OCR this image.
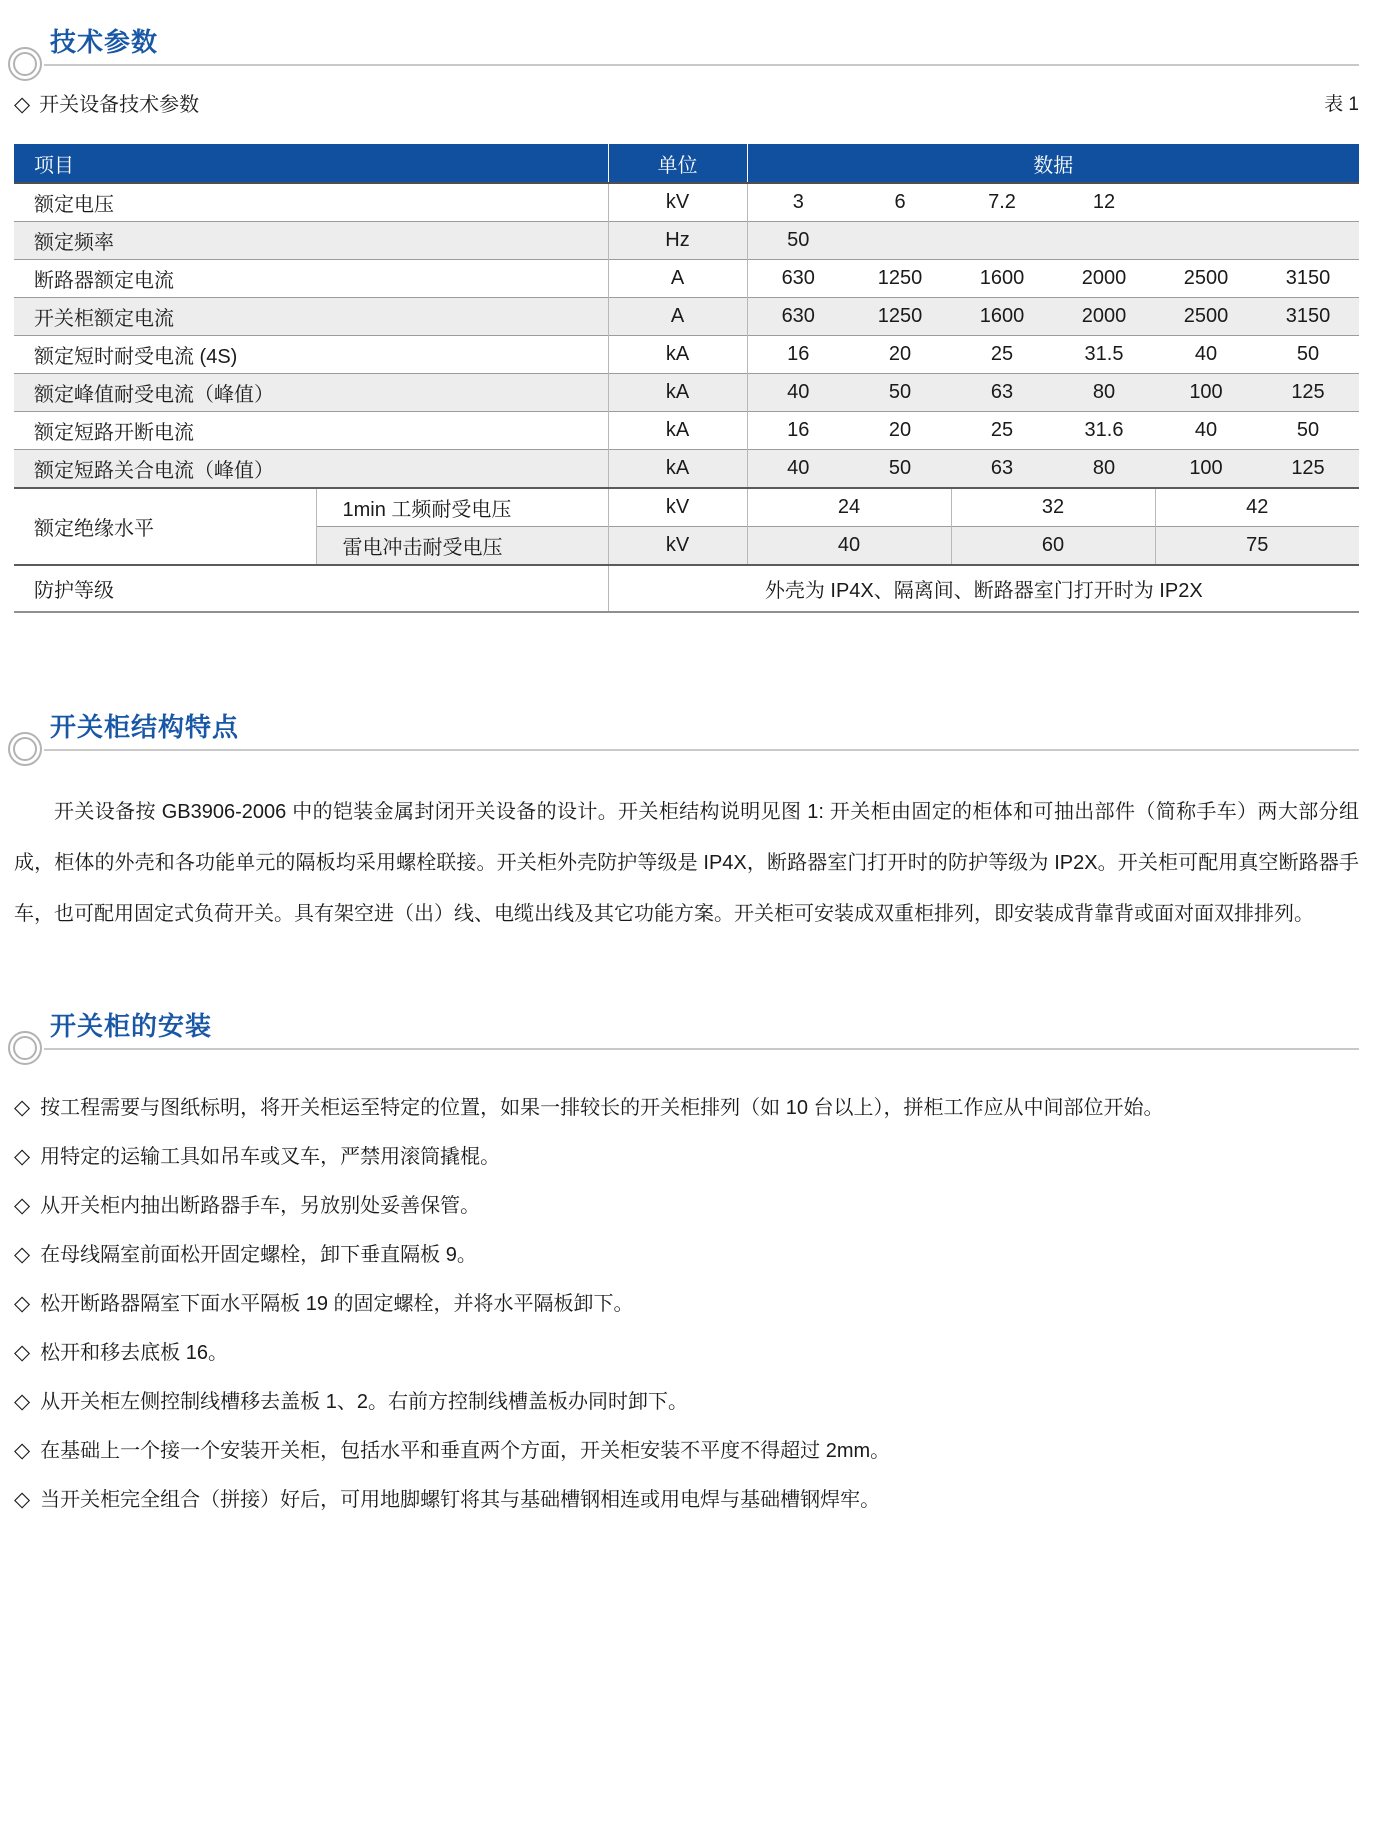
技术参数
◇ 开关设备技术参数	表 1
项目		单位	数据					
额定电压		kV	3	6	7.2	12		
额定频率		Hz	50					
断路器额定电流		A	630	1250	1600	2000	2500	3150
开关柜额定电流		A	630	1250	1600	2000	2500	3150
额定短时耐受电流 (4S)		kA	16	20	25	31.5	40	50
额定峰值耐受电流（峰值）		kA	40	50	63	80	100	125
额定短路开断电流		kA	16	20	25	31.6	40	50
额定短路关合电流（峰值）		kA	40	50	63	80	100	125
额定绝缘水平	1min 工频耐受电压	kV	24		32		42	
	雷电冲击耐受电压	kV	40		60		75	
防护等级		外壳为 IP4X、隔离间、断路器室门打开时为 IP2X						
开关柜结构特点

开关设备按 GB3906-2006 中的铠装金属封闭开关设备的设计。开关柜结构说明见图 1: 开关柜由固定的柜体和可抽出部件（简称手车）两大部分组成，柜体的外壳和各功能单元的隔板均采用螺栓联接。开关柜外壳防护等级是 IP4X，断路器室门打开时的防护等级为 IP2X。开关柜可配用真空断路器手车，也可配用固定式负荷开关。具有架空进（出）线、电缆出线及其它功能方案。开关柜可安装成双重柜排列，即安装成背靠背或面对面双排排列。

开关柜的安装
◇ 按工程需要与图纸标明，将开关柜运至特定的位置，如果一排较长的开关柜排列（如 10 台以上），拼柜工作应从中间部位开始。
◇ 用特定的运输工具如吊车或叉车，严禁用滚筒撬棍。
◇ 从开关柜内抽出断路器手车，另放别处妥善保管。
◇ 在母线隔室前面松开固定螺栓，卸下垂直隔板 9。
◇ 松开断路器隔室下面水平隔板 19 的固定螺栓，并将水平隔板卸下。
◇ 松开和移去底板 16。
◇ 从开关柜左侧控制线槽移去盖板 1、2。右前方控制线槽盖板办同时卸下。
◇ 在基础上一个接一个安装开关柜，包括水平和垂直两个方面，开关柜安装不平度不得超过 2mm。
◇ 当开关柜完全组合（拼接）好后，可用地脚螺钉将其与基础槽钢相连或用电焊与基础槽钢焊牢。
